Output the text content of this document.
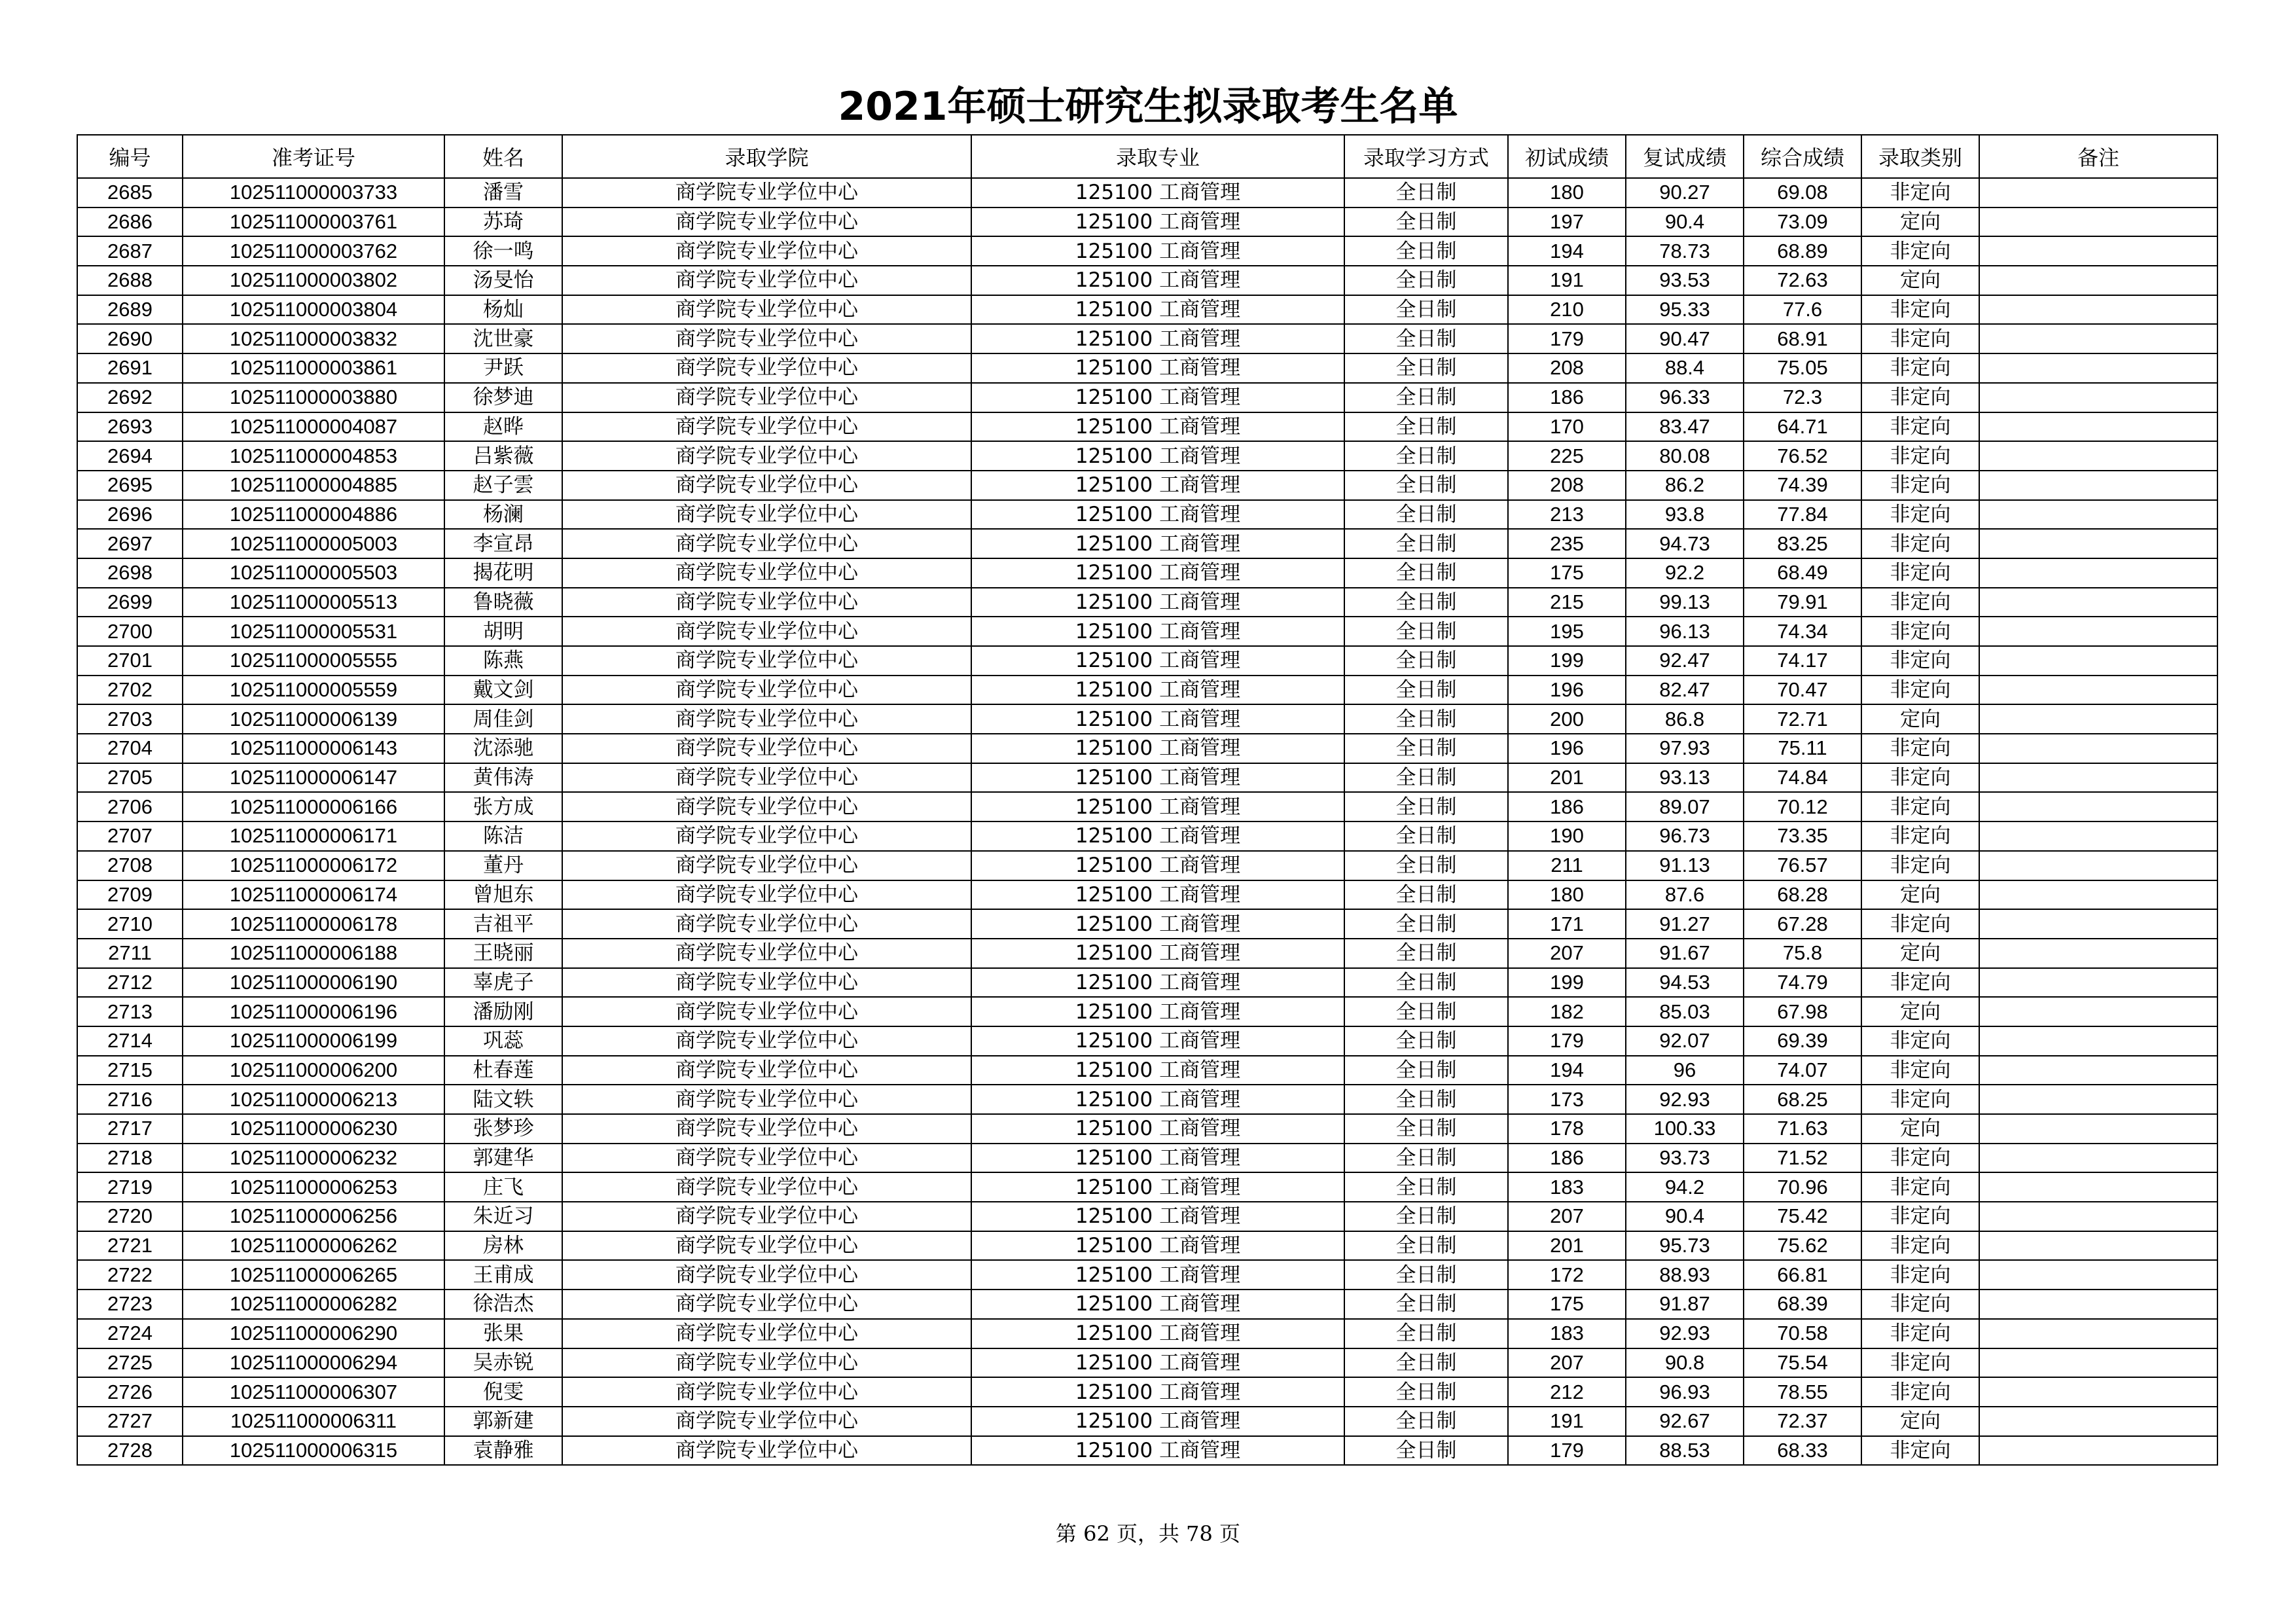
2021年硕士研究生拟录取考生名单
编号	准考证号	姓名	录取学院	录取专业	录取学习方式	初试成绩	复试成绩	综合成绩	录取类别	备注
2685	102511000003733	潘雪	商学院专业学位中心	125100 工商管理	全日制	180	90.27	69.08	非定向	
2686	102511000003761	苏琦	商学院专业学位中心	125100 工商管理	全日制	197	90.4	73.09	定向	
2687	102511000003762	徐一鸣	商学院专业学位中心	125100 工商管理	全日制	194	78.73	68.89	非定向	
2688	102511000003802	汤旻怡	商学院专业学位中心	125100 工商管理	全日制	191	93.53	72.63	定向	
2689	102511000003804	杨灿	商学院专业学位中心	125100 工商管理	全日制	210	95.33	77.6	非定向	
2690	102511000003832	沈世豪	商学院专业学位中心	125100 工商管理	全日制	179	90.47	68.91	非定向	
2691	102511000003861	尹跃	商学院专业学位中心	125100 工商管理	全日制	208	88.4	75.05	非定向	
2692	102511000003880	徐梦迪	商学院专业学位中心	125100 工商管理	全日制	186	96.33	72.3	非定向	
2693	102511000004087	赵晔	商学院专业学位中心	125100 工商管理	全日制	170	83.47	64.71	非定向	
2694	102511000004853	吕紫薇	商学院专业学位中心	125100 工商管理	全日制	225	80.08	76.52	非定向	
2695	102511000004885	赵子雲	商学院专业学位中心	125100 工商管理	全日制	208	86.2	74.39	非定向	
2696	102511000004886	杨澜	商学院专业学位中心	125100 工商管理	全日制	213	93.8	77.84	非定向	
2697	102511000005003	李宣昂	商学院专业学位中心	125100 工商管理	全日制	235	94.73	83.25	非定向	
2698	102511000005503	揭花明	商学院专业学位中心	125100 工商管理	全日制	175	92.2	68.49	非定向	
2699	102511000005513	鲁晓薇	商学院专业学位中心	125100 工商管理	全日制	215	99.13	79.91	非定向	
2700	102511000005531	胡明	商学院专业学位中心	125100 工商管理	全日制	195	96.13	74.34	非定向	
2701	102511000005555	陈燕	商学院专业学位中心	125100 工商管理	全日制	199	92.47	74.17	非定向	
2702	102511000005559	戴文剑	商学院专业学位中心	125100 工商管理	全日制	196	82.47	70.47	非定向	
2703	102511000006139	周佳剑	商学院专业学位中心	125100 工商管理	全日制	200	86.8	72.71	定向	
2704	102511000006143	沈添驰	商学院专业学位中心	125100 工商管理	全日制	196	97.93	75.11	非定向	
2705	102511000006147	黄伟涛	商学院专业学位中心	125100 工商管理	全日制	201	93.13	74.84	非定向	
2706	102511000006166	张方成	商学院专业学位中心	125100 工商管理	全日制	186	89.07	70.12	非定向	
2707	102511000006171	陈洁	商学院专业学位中心	125100 工商管理	全日制	190	96.73	73.35	非定向	
2708	102511000006172	董丹	商学院专业学位中心	125100 工商管理	全日制	211	91.13	76.57	非定向	
2709	102511000006174	曾旭东	商学院专业学位中心	125100 工商管理	全日制	180	87.6	68.28	定向	
2710	102511000006178	吉祖平	商学院专业学位中心	125100 工商管理	全日制	171	91.27	67.28	非定向	
2711	102511000006188	王晓丽	商学院专业学位中心	125100 工商管理	全日制	207	91.67	75.8	定向	
2712	102511000006190	辜虎子	商学院专业学位中心	125100 工商管理	全日制	199	94.53	74.79	非定向	
2713	102511000006196	潘励刚	商学院专业学位中心	125100 工商管理	全日制	182	85.03	67.98	定向	
2714	102511000006199	巩蕊	商学院专业学位中心	125100 工商管理	全日制	179	92.07	69.39	非定向	
2715	102511000006200	杜春莲	商学院专业学位中心	125100 工商管理	全日制	194	96	74.07	非定向	
2716	102511000006213	陆文轶	商学院专业学位中心	125100 工商管理	全日制	173	92.93	68.25	非定向	
2717	102511000006230	张梦珍	商学院专业学位中心	125100 工商管理	全日制	178	100.33	71.63	定向	
2718	102511000006232	郭建华	商学院专业学位中心	125100 工商管理	全日制	186	93.73	71.52	非定向	
2719	102511000006253	庄飞	商学院专业学位中心	125100 工商管理	全日制	183	94.2	70.96	非定向	
2720	102511000006256	朱近习	商学院专业学位中心	125100 工商管理	全日制	207	90.4	75.42	非定向	
2721	102511000006262	房林	商学院专业学位中心	125100 工商管理	全日制	201	95.73	75.62	非定向	
2722	102511000006265	王甫成	商学院专业学位中心	125100 工商管理	全日制	172	88.93	66.81	非定向	
2723	102511000006282	徐浩杰	商学院专业学位中心	125100 工商管理	全日制	175	91.87	68.39	非定向	
2724	102511000006290	张果	商学院专业学位中心	125100 工商管理	全日制	183	92.93	70.58	非定向	
2725	102511000006294	吴赤锐	商学院专业学位中心	125100 工商管理	全日制	207	90.8	75.54	非定向	
2726	102511000006307	倪雯	商学院专业学位中心	125100 工商管理	全日制	212	96.93	78.55	非定向	
2727	102511000006311	郭新建	商学院专业学位中心	125100 工商管理	全日制	191	92.67	72.37	定向	
2728	102511000006315	袁静雅	商学院专业学位中心	125100 工商管理	全日制	179	88.53	68.33	非定向	
第 62 页，共 78 页
